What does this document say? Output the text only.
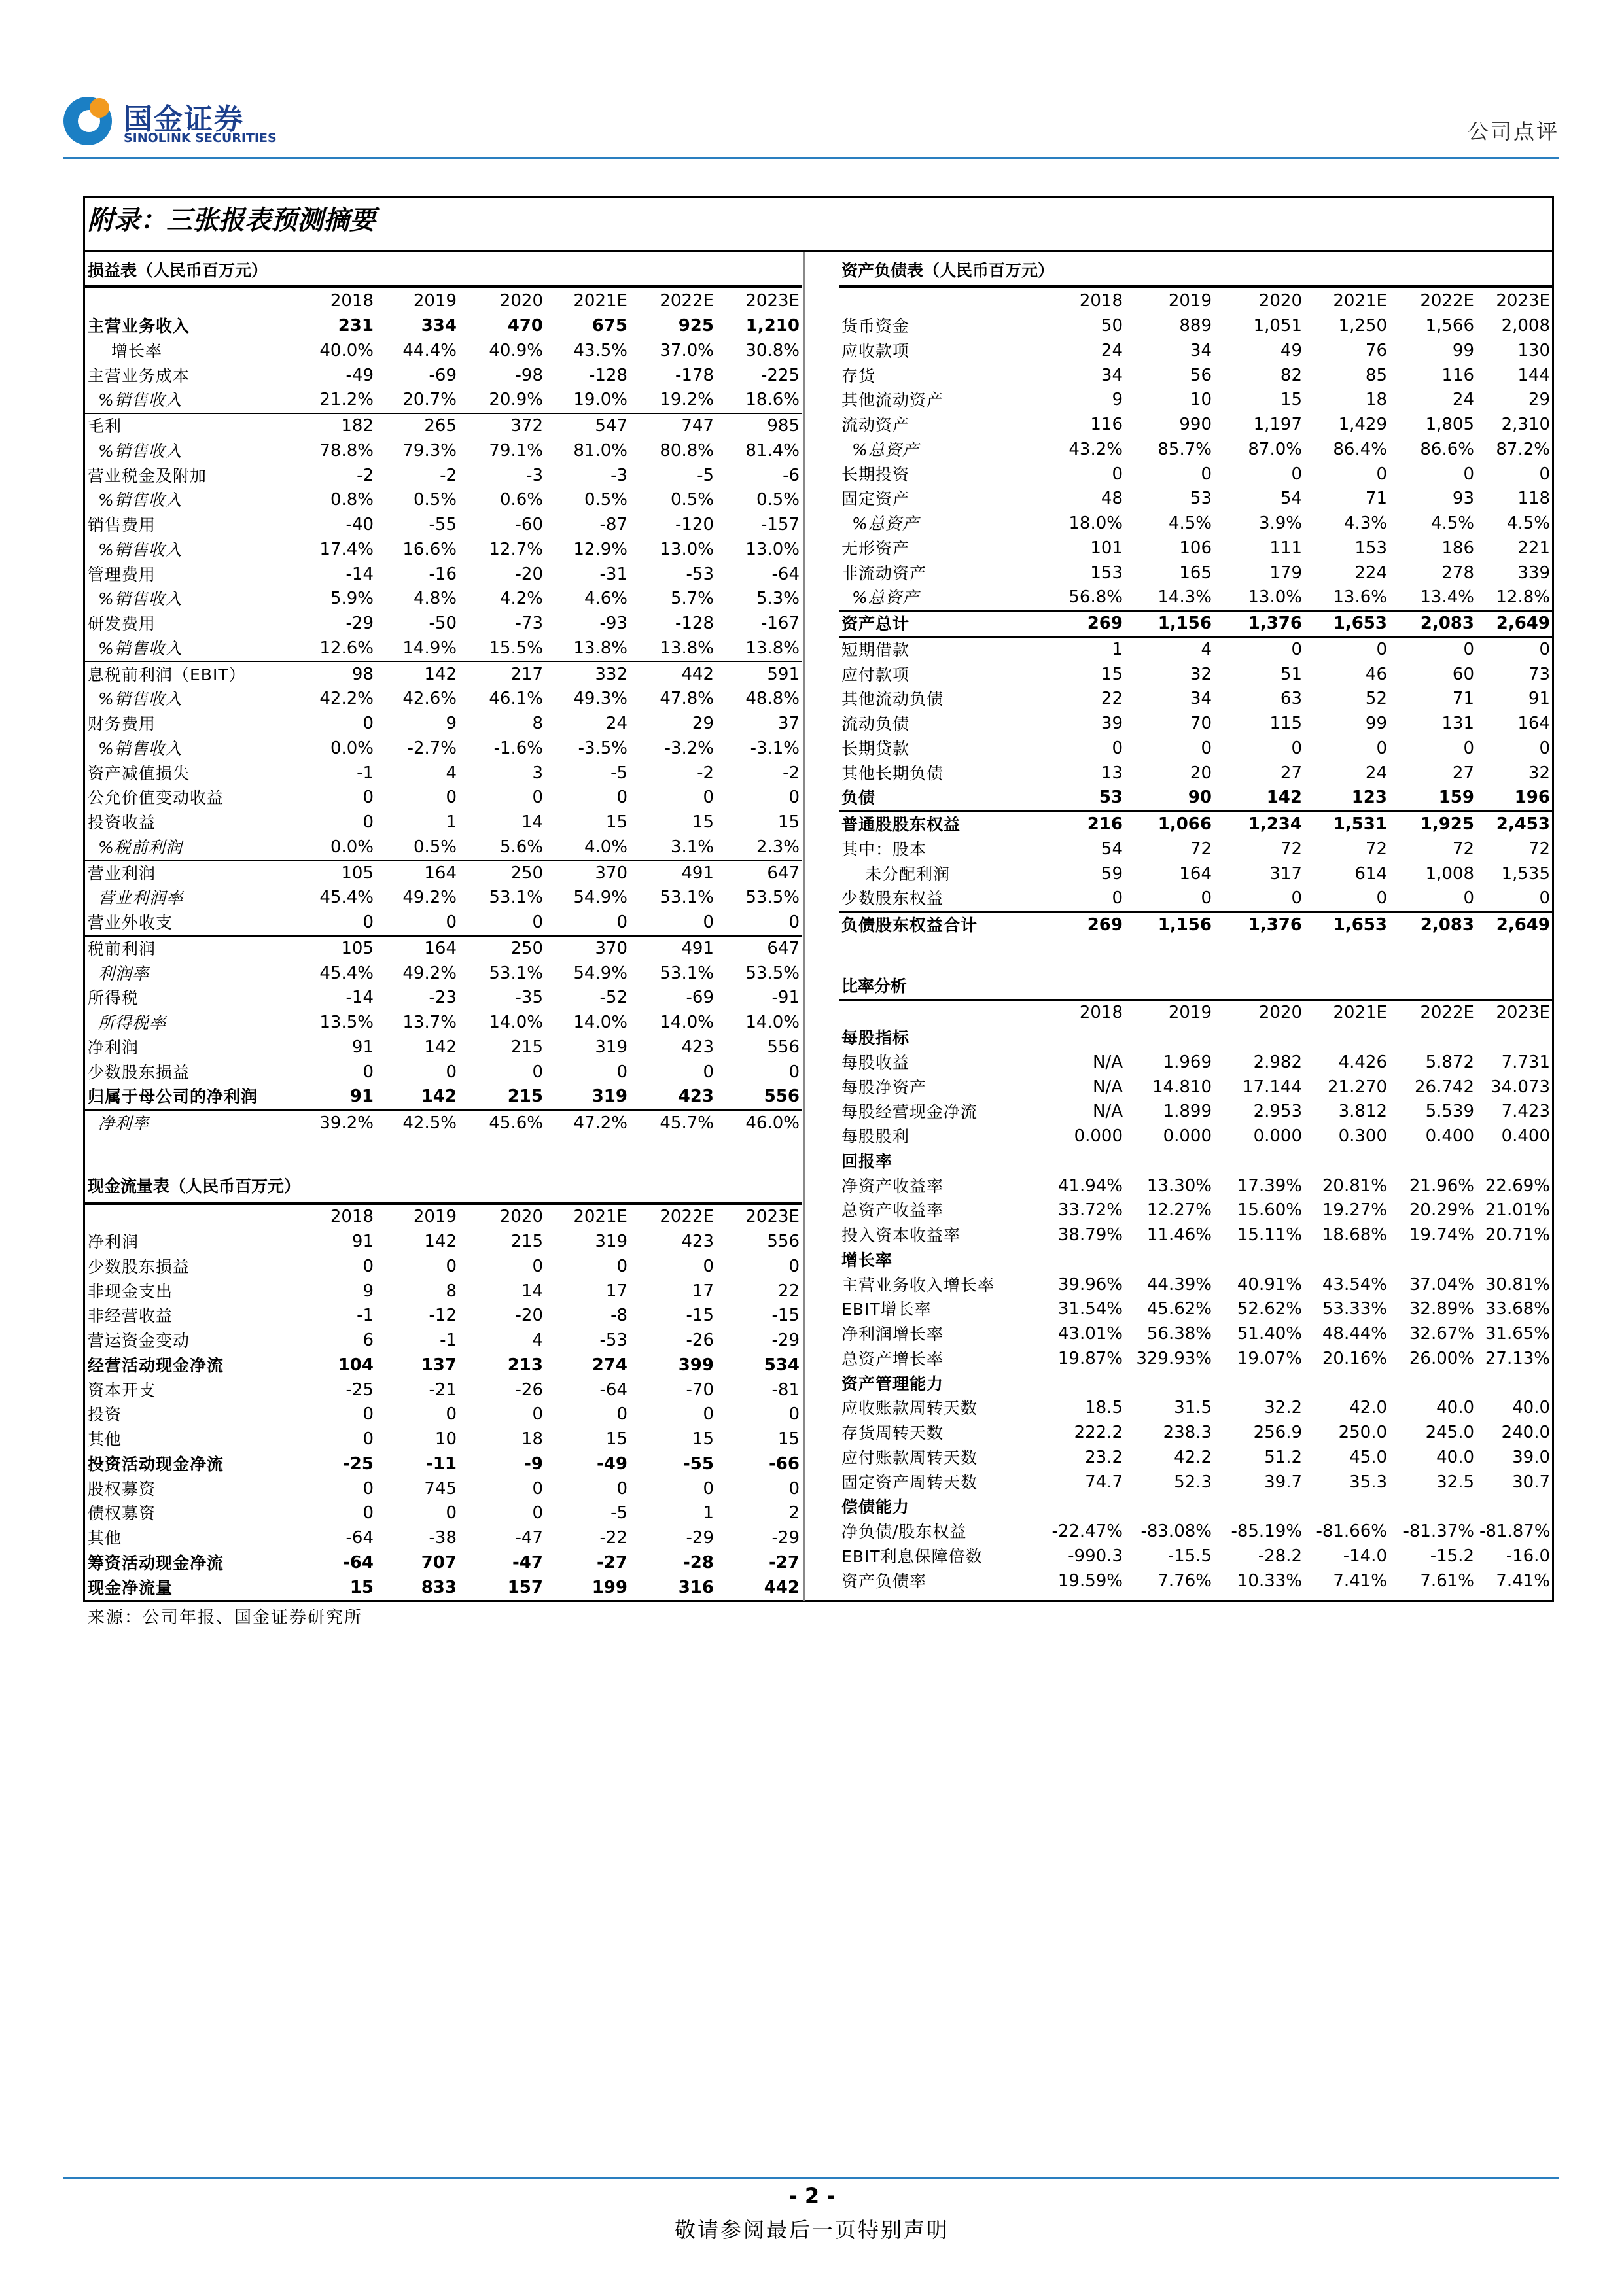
国金证券
SINOLINK SECURITIES	公司点评
附录：三张报表预测摘要
损益表（人民币百万元）	资产负债表（人民币百万元）
现金流量表（人民币百万元）
比率分析
	2018	2019	2020	2021E	2022E	2023E
主营业务收入	231	334	470	675	925	1,210
增长率	40.0%	44.4%	40.9%	43.5%	37.0%	30.8%
主营业务成本	-49	-69	-98	-128	-178	-225
%销售收入	21.2%	20.7%	20.9%	19.0%	19.2%	18.6%
毛利	182	265	372	547	747	985
%销售收入	78.8%	79.3%	79.1%	81.0%	80.8%	81.4%
营业税金及附加	-2	-2	-3	-3	-5	-6
%销售收入	0.8%	0.5%	0.6%	0.5%	0.5%	0.5%
销售费用	-40	-55	-60	-87	-120	-157
%销售收入	17.4%	16.6%	12.7%	12.9%	13.0%	13.0%
管理费用	-14	-16	-20	-31	-53	-64
%销售收入	5.9%	4.8%	4.2%	4.6%	5.7%	5.3%
研发费用	-29	-50	-73	-93	-128	-167
%销售收入	12.6%	14.9%	15.5%	13.8%	13.8%	13.8%
息税前利润（EBIT）	98	142	217	332	442	591
%销售收入	42.2%	42.6%	46.1%	49.3%	47.8%	48.8%
财务费用	0	9	8	24	29	37
%销售收入	0.0%	-2.7%	-1.6%	-3.5%	-3.2%	-3.1%
资产减值损失	-1	4	3	-5	-2	-2
公允价值变动收益	0	0	0	0	0	0
投资收益	0	1	14	15	15	15
%税前利润	0.0%	0.5%	5.6%	4.0%	3.1%	2.3%
营业利润	105	164	250	370	491	647
营业利润率	45.4%	49.2%	53.1%	54.9%	53.1%	53.5%
营业外收支	0	0	0	0	0	0
税前利润	105	164	250	370	491	647
利润率	45.4%	49.2%	53.1%	54.9%	53.1%	53.5%
所得税	-14	-23	-35	-52	-69	-91
所得税率	13.5%	13.7%	14.0%	14.0%	14.0%	14.0%
净利润	91	142	215	319	423	556
少数股东损益	0	0	0	0	0	0
归属于母公司的净利润	91	142	215	319	423	556
净利率	39.2%	42.5%	45.6%	47.2%	45.7%	46.0%
	2018	2019	2020	2021E	2022E	2023E
净利润	91	142	215	319	423	556
少数股东损益	0	0	0	0	0	0
非现金支出	9	8	14	17	17	22
非经营收益	-1	-12	-20	-8	-15	-15
营运资金变动	6	-1	4	-53	-26	-29
经营活动现金净流	104	137	213	274	399	534
资本开支	-25	-21	-26	-64	-70	-81
投资	0	0	0	0	0	0
其他	0	10	18	15	15	15
投资活动现金净流	-25	-11	-9	-49	-55	-66
股权募资	0	745	0	0	0	0
债权募资	0	0	0	-5	1	2
其他	-64	-38	-47	-22	-29	-29
筹资活动现金净流	-64	707	-47	-27	-28	-27
现金净流量	15	833	157	199	316	442
	2018	2019	2020	2021E	2022E	2023E
货币资金	50	889	1,051	1,250	1,566	2,008
应收款项	24	34	49	76	99	130
存货	34	56	82	85	116	144
其他流动资产	9	10	15	18	24	29
流动资产	116	990	1,197	1,429	1,805	2,310
%总资产	43.2%	85.7%	87.0%	86.4%	86.6%	87.2%
长期投资	0	0	0	0	0	0
固定资产	48	53	54	71	93	118
%总资产	18.0%	4.5%	3.9%	4.3%	4.5%	4.5%
无形资产	101	106	111	153	186	221
非流动资产	153	165	179	224	278	339
%总资产	56.8%	14.3%	13.0%	13.6%	13.4%	12.8%
资产总计	269	1,156	1,376	1,653	2,083	2,649
短期借款	1	4	0	0	0	0
应付款项	15	32	51	46	60	73
其他流动负债	22	34	63	52	71	91
流动负债	39	70	115	99	131	164
长期贷款	0	0	0	0	0	0
其他长期负债	13	20	27	24	27	32
负债	53	90	142	123	159	196
普通股股东权益	216	1,066	1,234	1,531	1,925	2,453
其中：股本	54	72	72	72	72	72
未分配利润	59	164	317	614	1,008	1,535
少数股东权益	0	0	0	0	0	0
负债股东权益合计	269	1,156	1,376	1,653	2,083	2,649
	2018	2019	2020	2021E	2022E	2023E
每股指标						
每股收益	N/A	1.969	2.982	4.426	5.872	7.731
每股净资产	N/A	14.810	17.144	21.270	26.742	34.073
每股经营现金净流	N/A	1.899	2.953	3.812	5.539	7.423
每股股利	0.000	0.000	0.000	0.300	0.400	0.400
回报率						
净资产收益率	41.94%	13.30%	17.39%	20.81%	21.96%	22.69%
总资产收益率	33.72%	12.27%	15.60%	19.27%	20.29%	21.01%
投入资本收益率	38.79%	11.46%	15.11%	18.68%	19.74%	20.71%
增长率						
主营业务收入增长率	39.96%	44.39%	40.91%	43.54%	37.04%	30.81%
EBIT增长率	31.54%	45.62%	52.62%	53.33%	32.89%	33.68%
净利润增长率	43.01%	56.38%	51.40%	48.44%	32.67%	31.65%
总资产增长率	19.87%	329.93%	19.07%	20.16%	26.00%	27.13%
资产管理能力						
应收账款周转天数	18.5	31.5	32.2	42.0	40.0	40.0
存货周转天数	222.2	238.3	256.9	250.0	245.0	240.0
应付账款周转天数	23.2	42.2	51.2	45.0	40.0	39.0
固定资产周转天数	74.7	52.3	39.7	35.3	32.5	30.7
偿债能力						
净负债/股东权益	-22.47%	-83.08%	-85.19%	-81.66%	-81.37%	-81.87%
EBIT利息保障倍数	-990.3	-15.5	-28.2	-14.0	-15.2	-16.0
资产负债率	19.59%	7.76%	10.33%	7.41%	7.61%	7.41%
来源：公司年报、国金证券研究所
- 2 -
敬请参阅最后一页特别声明
